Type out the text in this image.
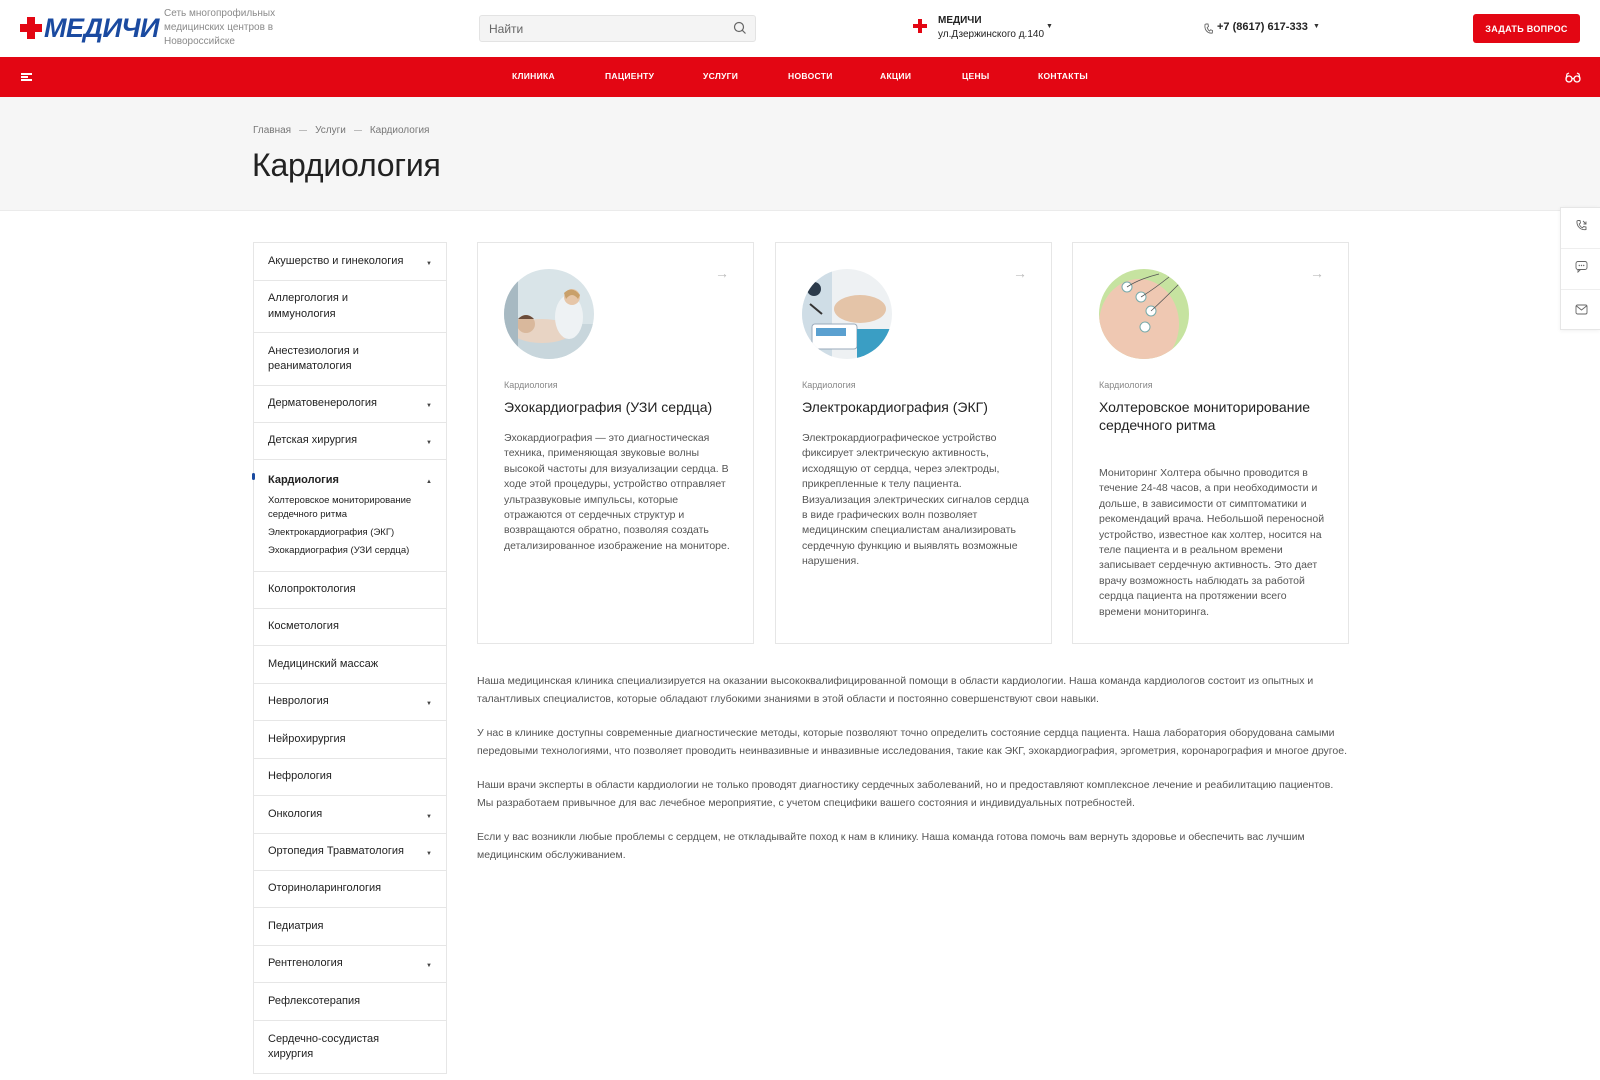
МЕДИЧИ Сеть многопрофильных медицинских центров в Новороссийске
Найти
МЕДИЧИ
ул.Дзержинского д.140
▼	+7 (8617) 617-333 ▼	ЗАДАТЬ ВОПРОС
КЛИНИКА	ПАЦИЕНТУ	УСЛУГИ	НОВОСТИ	АКЦИИ	ЦЕНЫ	КОНТАКТЫ
Главная Услуги Кардиология
Кардиология
Акушерство и гинекология	▼
Аллергология и иммунология
Анестезиология и реаниматология
Дерматовенерология	▼
Детская хирургия	▼
Кардиология	▲
Холтеровское мониторирование сердечного ритма
Электрокардиография (ЭКГ)
Эхокардиография (УЗИ сердца)
Колопроктология
Косметология
Медицинский массаж
Неврология	▼
Нейрохирургия
Нефрология
Онкология	▼
Ортопедия Травматология	▼
Оториноларингология
Педиатрия
Рентгенология	▼
Рефлексотерапия
Сердечно-сосудистая хирургия
→
Кардиология
Эхокардиография (УЗИ сердца)
Эхокардиография — это диагностическая техника, применяющая звуковые волны высокой частоты для визуализации сердца. В ходе этой процедуры, устройство отправляет ультразвуковые импульсы, которые отражаются от сердечных структур и возвращаются обратно, позволяя создать детализированное изображение на мониторе.
→
Кардиология
Электрокардиография (ЭКГ)
Электрокардиографическое устройство фиксирует электрическую активность, исходящую от сердца, через электроды, прикрепленные к телу пациента. Визуализация электрических сигналов сердца в виде графических волн позволяет медицинским специалистам анализировать сердечную функцию и выявлять возможные нарушения.
→
Кардиология
Холтеровское мониторирование сердечного ритма
Мониторинг Холтера обычно проводится в течение 24-48 часов, а при необходимости и дольше, в зависимости от симптоматики и рекомендаций врача. Небольшой переносной устройство, известное как холтер, носится на теле пациента и в реальном времени записывает сердечную активность. Это дает врачу возможность наблюдать за работой сердца пациента на протяжении всего времени мониторинга.

Наша медицинская клиника специализируется на оказании высококвалифицированной помощи в области кардиологии. Наша команда кардиологов состоит из опытных и талантливых специалистов, которые обладают глубокими знаниями в этой области и постоянно совершенствуют свои навыки.

У нас в клинике доступны современные диагностические методы, которые позволяют точно определить состояние сердца пациента. Наша лаборатория оборудована самыми передовыми технологиями, что позволяет проводить неинвазивные и инвазивные исследования, такие как ЭКГ, эхокардиография, эргометрия, коронарография и многое другое.

Наши врачи эксперты в области кардиологии не только проводят диагностику сердечных заболеваний, но и предоставляют комплексное лечение и реабилитацию пациентов. Мы разработаем привычное для вас лечебное мероприятие, с учетом специфики вашего состояния и индивидуальных потребностей.

Если у вас возникли любые проблемы с сердцем, не откладывайте поход к нам в клинику. Наша команда готова помочь вам вернуть здоровье и обеспечить вас лучшим медицинским обслуживанием.
